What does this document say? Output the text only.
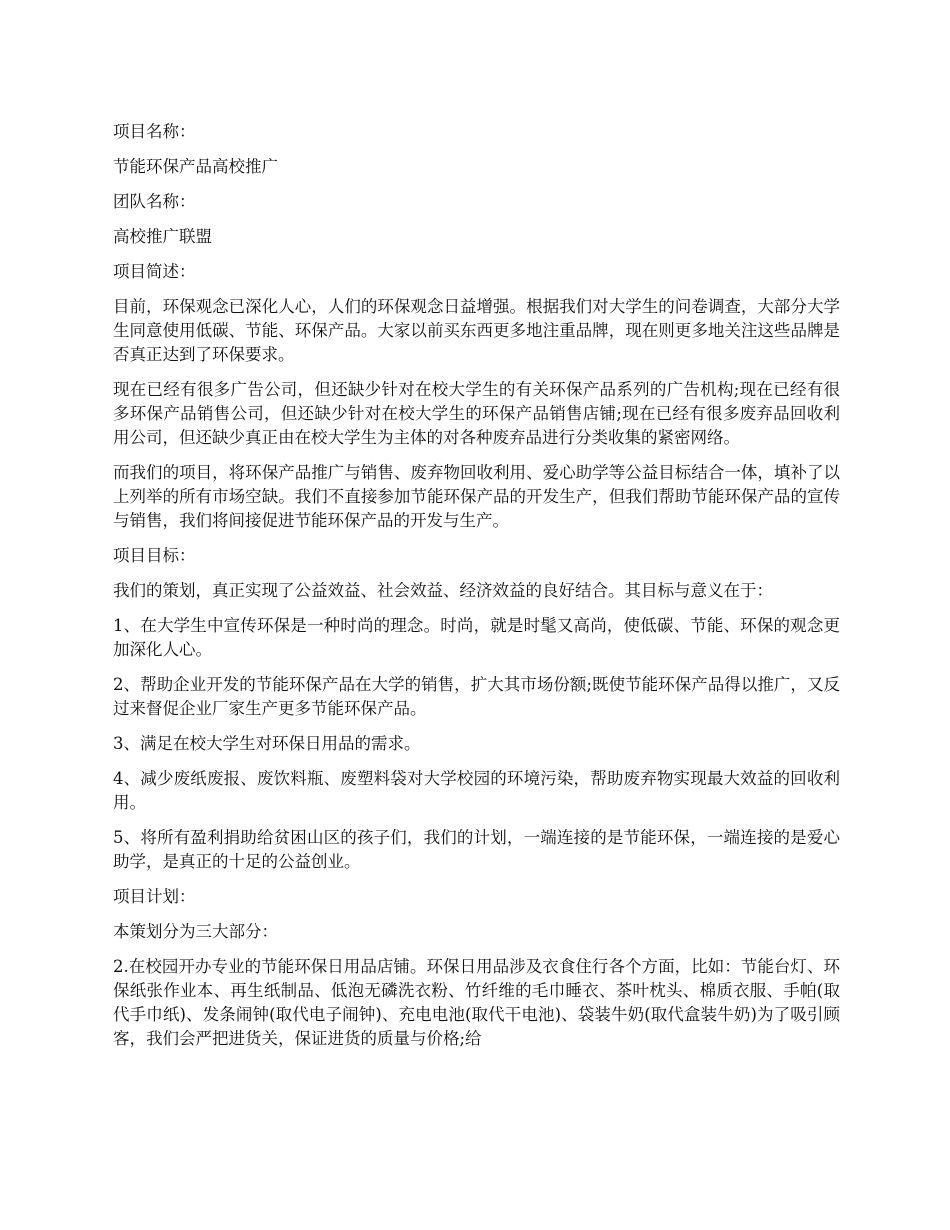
项目名称：

节能环保产品高校推广

团队名称：

高校推广联盟

项目简述：

目前，环保观念已深化人心，人们的环保观念日益增强。根据我们对大学生的问卷调查，大部分大学生同意使用低碳、节能、环保产品。大家以前买东西更多地注重品牌，现在则更多地关注这些品牌是否真正达到了环保要求。

现在已经有很多广告公司，但还缺少针对在校大学生的有关环保产品系列的广告机构;现在已经有很多环保产品销售公司，但还缺少针对在校大学生的环保产品销售店铺;现在已经有很多废弃品回收利用公司，但还缺少真正由在校大学生为主体的对各种废弃品进行分类收集的紧密网络。

而我们的项目，将环保产品推广与销售、废弃物回收利用、爱心助学等公益目标结合一体，填补了以上列举的所有市场空缺。我们不直接参加节能环保产品的开发生产，但我们帮助节能环保产品的宣传与销售，我们将间接促进节能环保产品的开发与生产。

项目目标：

我们的策划，真正实现了公益效益、社会效益、经济效益的良好结合。其目标与意义在于：

1、在大学生中宣传环保是一种时尚的理念。时尚，就是时髦又高尚，使低碳、节能、环保的观念更加深化人心。

2、帮助企业开发的节能环保产品在大学的销售，扩大其市场份额;既使节能环保产品得以推广，又反过来督促企业厂家生产更多节能环保产品。

3、满足在校大学生对环保日用品的需求。

4、减少废纸废报、废饮料瓶、废塑料袋对大学校园的环境污染，帮助废弃物实现最大效益的回收利用。

5、将所有盈利捐助给贫困山区的孩子们，我们的计划，一端连接的是节能环保，一端连接的是爱心助学，是真正的十足的公益创业。

项目计划：

本策划分为三大部分：

2.在校园开办专业的节能环保日用品店铺。环保日用品涉及衣食住行各个方面，比如：节能台灯、环保纸张作业本、再生纸制品、低泡无磷洗衣粉、竹纤维的毛巾睡衣、茶叶枕头、棉质衣服、手帕(取代手巾纸)、发条闹钟(取代电子闹钟)、充电电池(取代干电池)、袋装牛奶(取代盒装牛奶)为了吸引顾客，我们会严把进货关，保证进货的质量与价格;给
